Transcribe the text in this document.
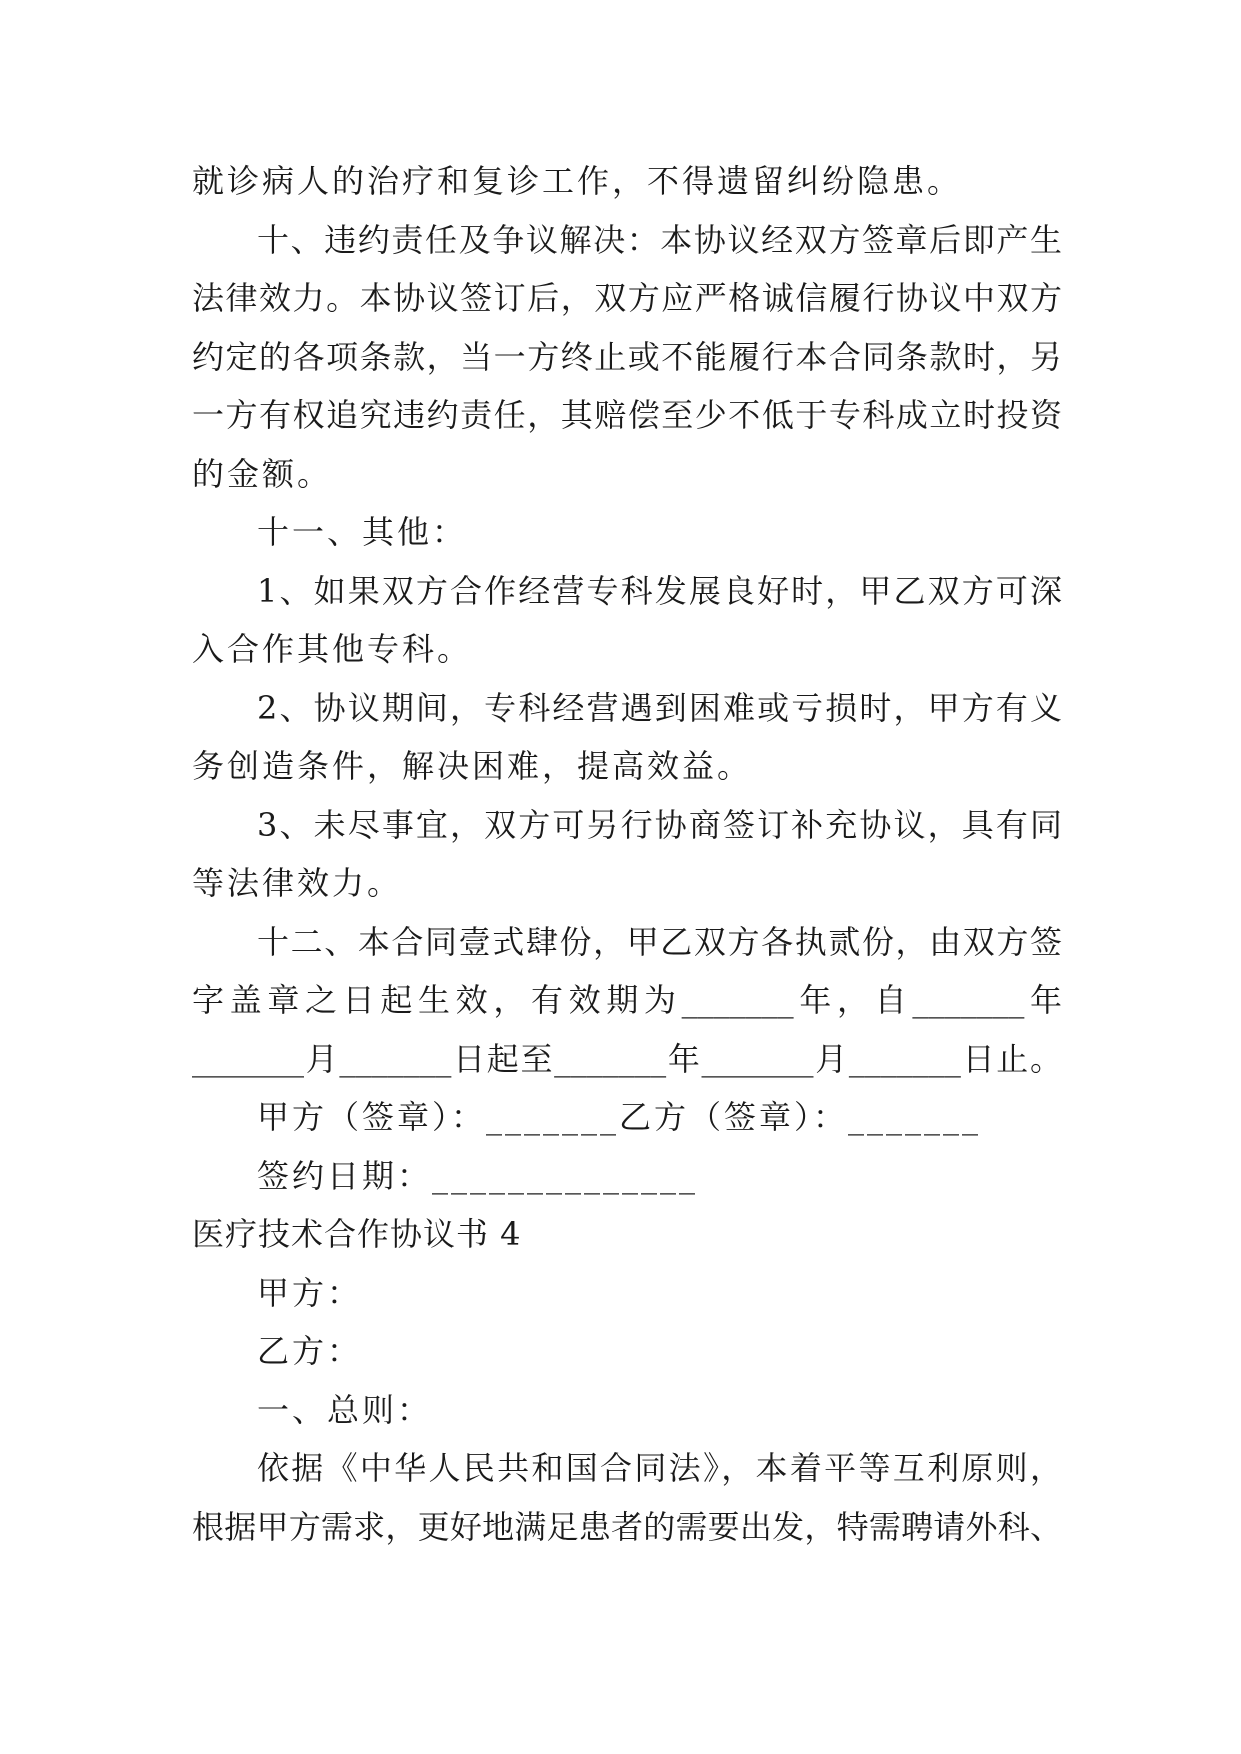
就诊病人的治疗和复诊工作，不得遗留纠纷隐患。
十、违约责任及争议解决：本协议经双方签章后即产生
法律效力。本协议签订后，双方应严格诚信履行协议中双方
约定的各项条款，当一方终止或不能履行本合同条款时，另
一方有权追究违约责任，其赔偿至少不低于专科成立时投资
的金额。
十一、其他：
1、如果双方合作经营专科发展良好时，甲乙双方可深
入合作其他专科。
2、协议期间，专科经营遇到困难或亏损时，甲方有义
务创造条件，解决困难，提高效益。
3、未尽事宜，双方可另行协商签订补充协议，具有同
等法律效力。
十二、本合同壹式肆份，甲乙双方各执贰份，由双方签
字盖章之日起生效，有效期为_______年，自_______年
_______月_______日起至_______年_______月_______日止。
甲方（签章）：_______乙方（签章）：_______
签约日期：______________
医疗技术合作协议书 4
甲方：
乙方：
一、总则：
依据《中华人民共和国合同法》，本着平等互利原则，
根据甲方需求，更好地满足患者的需要出发，特需聘请外科、
